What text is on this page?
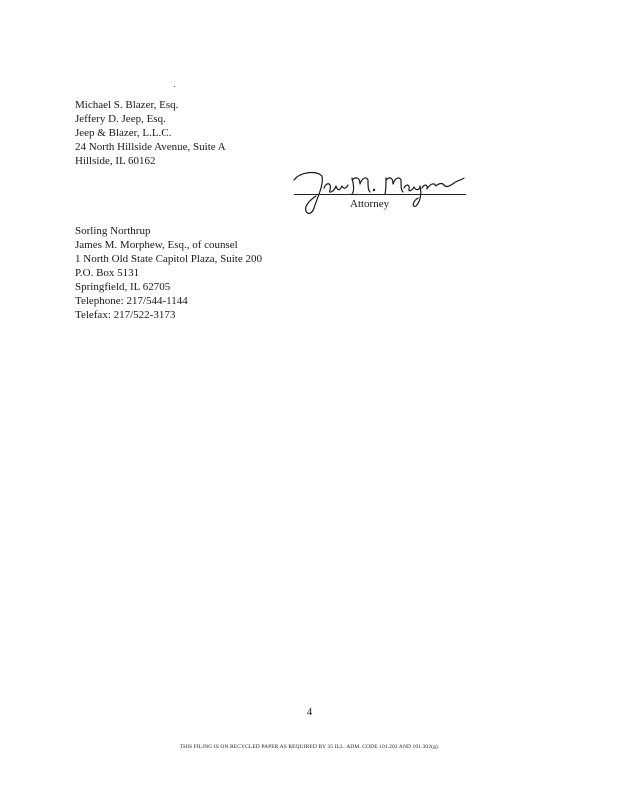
Michael S. Blazer, Esq.
Jeffery D. Jeep, Esq.
Jeep & Blazer, L.L.C.
24 North Hillside Avenue, Suite A
Hillside, IL 60162
Attorney
Sorling Northrup
James M. Morphew, Esq., of counsel
1 North Old State Capitol Plaza, Suite 200
P.O. Box 5131
Springfield, IL 62705
Telephone: 217/544-1144
Telefax: 217/522-3173
4
THIS FILING IS ON RECYCLED PAPER AS REQUIRED BY 35 ILL. ADM. CODE 101.202 AND 101.302(g).
